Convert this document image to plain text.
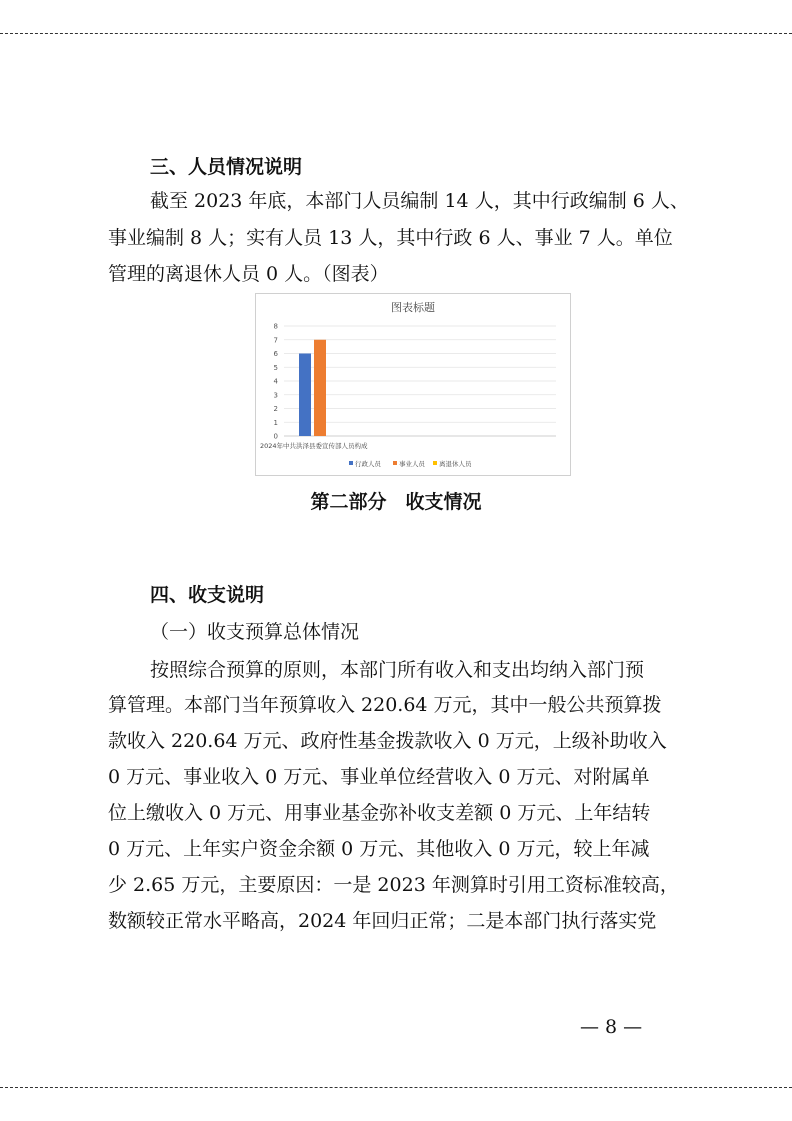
三、人员情况说明
截至 2023 年底，本部门人员编制 14 人，其中行政编制 6 人、
事业编制 8 人；实有人员 13 人，其中行政 6 人、事业 7 人。单位
管理的离退休人员 0 人。（图表）
图表标题
0
1
2
3
4
5
6
7
8
2024年中共洪泽县委宣传部人员构成
行政人员	事业人员 离退休人员
第二部分　收支情况
四、收支说明
（一）收支预算总体情况
按照综合预算的原则，本部门所有收入和支出均纳入部门预
算管理。本部门当年预算收入 220.64 万元，其中一般公共预算拨
款收入 220.64 万元、政府性基金拨款收入 0 万元，上级补助收入
0 万元、事业收入 0 万元、事业单位经营收入 0 万元、对附属单
位上缴收入 0 万元、用事业基金弥补收支差额 0 万元、上年结转
0 万元、上年实户资金余额 0 万元、其他收入 0 万元，较上年减
少 2.65 万元，主要原因：一是 2023 年测算时引用工资标准较高，
数额较正常水平略高，2024 年回归正常；二是本部门执行落实党
— 8 —
